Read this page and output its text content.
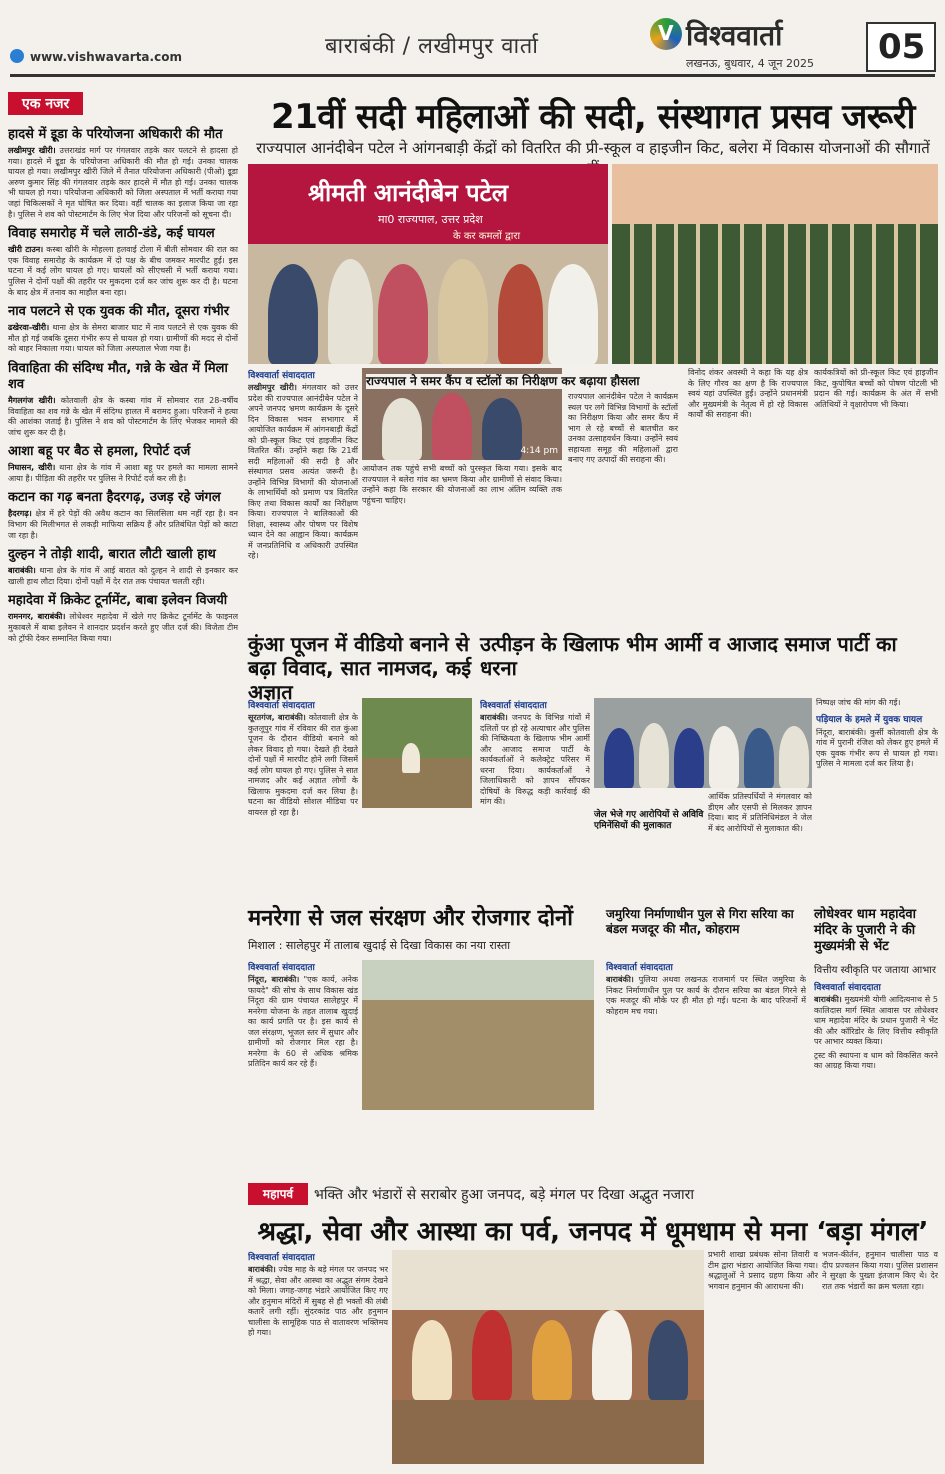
www.vishwavarta.com	बाराबंकी / लखीमपुर वार्ता
V विश्ववार्ता
लखनऊ, बुधवार, 4 जून 2025 05
एक नजर
हादसे में इूडा के परियोजना अधिकारी की मौत
लखीमपुर खीरी। उत्तराखंड मार्ग पर गंगलवार तड़के कार पलटने से हादसा हो गया। हादसे में इूडा के परियोजना अधिकारी की मौत हो गई। उनका चालक घायल हो गया। लखीमपुर खीरी जिले में तैनात परियोजना अधिकारी (पीओ) इूडा अरुण कुमार सिंह की गंगलवार तड़के कार हादसे में मौत हो गई। उनका चालक भी घायल हो गया। परियोजना अधिकारी को जिला अस्पताल में भर्ती कराया गया जहां चिकित्सकों ने मृत घोषित कर दिया। वहीं चालक का इलाज किया जा रहा है। पुलिस ने शव को पोस्टमार्टम के लिए भेज दिया और परिजनों को सूचना दी।
विवाह समारोह में चले लाठी-डंडे, कई घायल
खीरी टाउन। कस्बा खीरी के मोहल्ला हलवाई टोला में बीती सोमवार की रात का एक विवाह समारोह के कार्यक्रम में दो पक्ष के बीच जमकर मारपीट हुई। इस घटना में कई लोग घायल हो गए। घायलों को सीएचसी में भर्ती कराया गया। पुलिस ने दोनों पक्षों की तहरीर पर मुकदमा दर्ज कर जांच शुरू कर दी है। घटना के बाद क्षेत्र में तनाव का माहौल बना रहा।
नाव पलटने से एक युवक की मौत, दूसरा गंभीर
ढखेरवा-खीरी। थाना क्षेत्र के सेमरा बाजार घाट में नाव पलटने से एक युवक की मौत हो गई जबकि दूसरा गंभीर रूप से घायल हो गया। ग्रामीणों की मदद से दोनों को बाहर निकाला गया। घायल को जिला अस्पताल भेजा गया है।
विवाहिता की संदिग्ध मौत, गन्ने के खेत में मिला शव
मैगलगंज खीरी। कोतवाली क्षेत्र के कस्बा गांव में सोमवार रात 28-वर्षीय विवाहिता का शव गन्ने के खेत में संदिग्ध हालत में बरामद हुआ। परिजनों ने हत्या की आशंका जताई है। पुलिस ने शव को पोस्टमार्टम के लिए भेजकर मामले की जांच शुरू कर दी है।
आशा बहू पर बैठ से हमला, रिपोर्ट दर्ज
निघासन, खीरी। थाना क्षेत्र के गांव में आशा बहू पर हमले का मामला सामने आया है। पीड़िता की तहरीर पर पुलिस ने रिपोर्ट दर्ज कर ली है।
कटान का गढ़ बनता हैदरगढ़, उजड़ रहे जंगल
हैदरगढ़। क्षेत्र में हरे पेड़ों की अवैध कटान का सिलसिला थम नहीं रहा है। वन विभाग की मिलीभगत से लकड़ी माफिया सक्रिय हैं और प्रतिबंधित पेड़ों को काटा जा रहा है।
दुल्हन ने तोड़ी शादी, बारात लौटी खाली हाथ
बाराबंकी। थाना क्षेत्र के गांव में आई बारात को दुल्हन ने शादी से इनकार कर खाली हाथ लौटा दिया। दोनों पक्षों में देर रात तक पंचायत चलती रही।
महादेवा में क्रिकेट टूर्नामेंट, बाबा इलेवन विजयी
रामनगर, बाराबंकी। लोधेश्वर महादेवा में खेले गए क्रिकेट टूर्नामेंट के फाइनल मुकाबले में बाबा इलेवन ने शानदार प्रदर्शन करते हुए जीत दर्ज की। विजेता टीम को ट्रॉफी देकर सम्मानित किया गया।
21वीं सदी महिलाओं की सदी, संस्थागत प्रसव जरूरी
राज्यपाल आनंदीबेन पटेल ने आंगनबाड़ी केंद्रों को वितरित की प्री-स्कूल व हाइजीन किट, बलेरा में विकास योजनाओं की सौगातें
श्रीमती आनंदीबेन पटेल
मा0 राज्यपाल, उत्तर प्रदेश
के कर कमलों द्वारा
विश्ववार्ता संवाददाता
लखीमपुर खीरी। मंगलवार को उत्तर प्रदेश की राज्यपाल आनंदीबेन पटेल ने अपने जनपद भ्रमण कार्यक्रम के दूसरे दिन विकास भवन सभागार में आयोजित कार्यक्रम में आंगनबाड़ी केंद्रों को प्री-स्कूल किट एवं हाइजीन किट वितरित कीं। उन्होंने कहा कि 21वीं सदी महिलाओं की सदी है और संस्थागत प्रसव अत्यंत जरूरी है। उन्होंने विभिन्न विभागों की योजनाओं के लाभार्थियों को प्रमाण पत्र वितरित किए तथा विकास कार्यों का निरीक्षण किया। राज्यपाल ने बालिकाओं की शिक्षा, स्वास्थ्य और पोषण पर विशेष ध्यान देने का आह्वान किया। कार्यक्रम में जनप्रतिनिधि व अधिकारी उपस्थित रहे।
4:14 pm
राज्यपाल ने समर कैंप व स्टॉलों का निरीक्षण कर बढ़ाया हौसला
राज्यपाल आनंदीबेन पटेल ने कार्यक्रम स्थल पर लगे विभिन्न विभागों के स्टॉलों का निरीक्षण किया और समर कैंप में भाग ले रहे बच्चों से बातचीत कर उनका उत्साहवर्धन किया। उन्होंने स्वयं सहायता समूह की महिलाओं द्वारा बनाए गए उत्पादों की सराहना की।
आयोजन तक पहुंचे सभी बच्चों को पुरस्कृत किया गया। इसके बाद राज्यपाल ने बलेरा गांव का भ्रमण किया और ग्रामीणों से संवाद किया। उन्होंने कहा कि सरकार की योजनाओं का लाभ अंतिम व्यक्ति तक पहुंचना चाहिए।
विनोद शंकर अवस्थी ने कहा कि यह क्षेत्र के लिए गौरव का क्षण है कि राज्यपाल स्वयं यहां उपस्थित हुईं। उन्होंने प्रधानमंत्री और मुख्यमंत्री के नेतृत्व में हो रहे विकास कार्यों की सराहना की।
कार्यकत्रियों को प्री-स्कूल किट एवं हाइजीन किट, कुपोषित बच्चों को पोषण पोटली भी प्रदान की गई। कार्यक्रम के अंत में सभी अतिथियों ने वृक्षारोपण भी किया।
कुंआ पूजन में वीडियो बनाने से बढ़ा विवाद, सात नामजद, कई अज्ञात
विश्ववार्ता संवाददाता
सूरतगंज, बाराबंकी। कोतवाली क्षेत्र के कुतलूपुर गांव में रविवार की रात कुंआ पूजन के दौरान वीडियो बनाने को लेकर विवाद हो गया। देखते ही देखते दोनों पक्षों में मारपीट होने लगी जिसमें कई लोग घायल हो गए। पुलिस ने सात नामजद और कई अज्ञात लोगों के खिलाफ मुकदमा दर्ज कर लिया है। घटना का वीडियो सोशल मीडिया पर वायरल हो रहा है।
उत्पीड़न के खिलाफ भीम आर्मी व आजाद समाज पार्टी का धरना
विश्ववार्ता संवाददाता
बाराबंकी। जनपद के विभिन्न गांवों में दलितों पर हो रहे अत्याचार और पुलिस की निष्क्रियता के खिलाफ भीम आर्मी और आजाद समाज पार्टी के कार्यकर्ताओं ने कलेक्ट्रेट परिसर में धरना दिया। कार्यकर्ताओं ने जिलाधिकारी को ज्ञापन सौंपकर दोषियों के विरुद्ध कड़ी कार्रवाई की मांग की।
जेल भेजे गए आरोपियों से अविवि एमिनेंसियों की मुलाकात
आर्थिक प्रतिस्पर्धियों ने मंगलवार को डीएम और एसपी से मिलकर ज्ञापन दिया। बाद में प्रतिनिधिमंडल ने जेल में बंद आरोपियों से मुलाकात की।
निष्पक्ष जांच की मांग की गई।
पड़ियाल के हमले में युवक घायल
निंदूरा, बाराबंकी। कुर्सी कोतवाली क्षेत्र के गांव में पुरानी रंजिश को लेकर हुए हमले में एक युवक गंभीर रूप से घायल हो गया। पुलिस ने मामला दर्ज कर लिया है।
मनरेगा से जल संरक्षण और रोजगार दोनों
मिशाल : सालेहपुर में तालाब खुदाई से दिखा विकास का नया रास्ता
विश्ववार्ता संवाददाता
निंदूरा, बाराबंकी। "एक कार्य, अनेक फायदे" की सोच के साथ विकास खंड निंदूरा की ग्राम पंचायत सालेहपुर में मनरेगा योजना के तहत तालाब खुदाई का कार्य प्रगति पर है। इस कार्य से जल संरक्षण, भूजल स्तर में सुधार और ग्रामीणों को रोजगार मिल रहा है। मनरेगा के 60 से अधिक श्रमिक प्रतिदिन कार्य कर रहे हैं।
जमुरिया निर्माणाधीन पुल से गिरा सरिया का बंडल मजदूर की मौत, कोहराम
विश्ववार्ता संवाददाता
बाराबंकी। पुलिया अथवा लखनऊ राजमार्ग पर स्थित जमुरिया के निकट निर्माणाधीन पुल पर कार्य के दौरान सरिया का बंडल गिरने से एक मजदूर की मौके पर ही मौत हो गई। घटना के बाद परिजनों में कोहराम मच गया।
लोधेश्वर धाम महादेवा मंदिर के पुजारी ने की मुख्यमंत्री से भेंट
वित्तीय स्वीकृति पर जताया आभार
विश्ववार्ता संवाददाता
बाराबंकी। मुख्यमंत्री योगी आदित्यनाथ से 5 कालिदास मार्ग स्थित आवास पर लोधेश्वर धाम महादेवा मंदिर के प्रधान पुजारी ने भेंट की और कॉरिडोर के लिए वित्तीय स्वीकृति पर आभार व्यक्त किया।
ट्रस्ट की स्थापना व धाम को विकसित करने का आग्रह किया गया।
महापर्व	भक्ति और भंडारों से सराबोर हुआ जनपद, बड़े मंगल पर दिखा अद्भुत नजारा
श्रद्धा, सेवा और आस्था का पर्व, जनपद में धूमधाम से मना ‘बड़ा मंगल’
विश्ववार्ता संवाददाता
बाराबंकी। ज्येष्ठ माह के बड़े मंगल पर जनपद भर में श्रद्धा, सेवा और आस्था का अद्भुत संगम देखने को मिला। जगह-जगह भंडारे आयोजित किए गए और हनुमान मंदिरों में सुबह से ही भक्तों की लंबी कतारें लगी रहीं। सुंदरकांड पाठ और हनुमान चालीसा के सामूहिक पाठ से वातावरण भक्तिमय हो गया।
प्रभारी शाखा प्रबंधक सोना तिवारी व टीम द्वारा भंडारा आयोजित किया गया। श्रद्धालुओं ने प्रसाद ग्रहण किया और भगवान हनुमान की आराधना की।
भजन-कीर्तन, हनुमान चालीसा पाठ व दीप प्रज्वलन किया गया। पुलिस प्रशासन ने सुरक्षा के पुख्ता इंतजाम किए थे। देर रात तक भंडारों का क्रम चलता रहा।
